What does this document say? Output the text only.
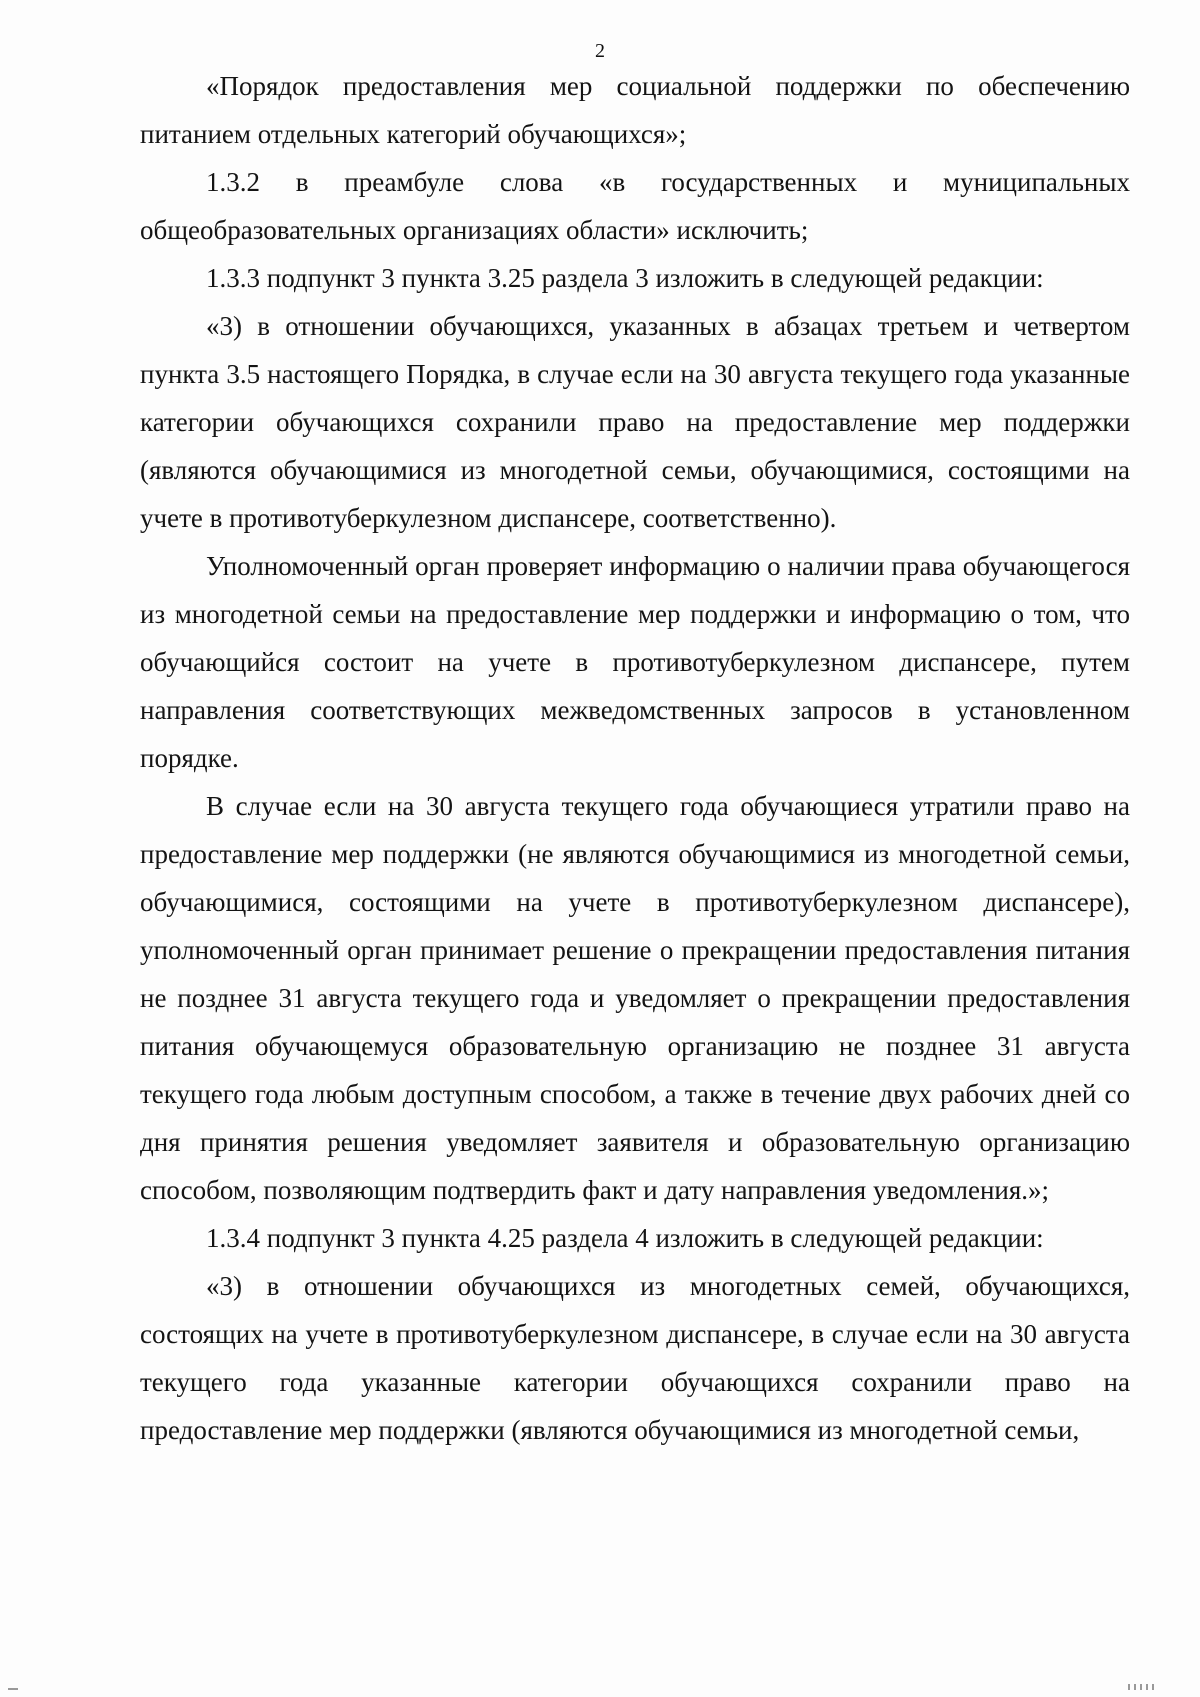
2

«Порядок предоставления мер социальной поддержки по обеспечению питанием отдельных категорий обучающихся»;

1.3.2 в преамбуле слова «в государственных и муниципальных общеобразовательных организациях области» исключить;

1.3.3 подпункт 3 пункта 3.25 раздела 3 изложить в следующей редакции:

«3) в отношении обучающихся, указанных в абзацах третьем и четвертом пункта 3.5 настоящего Порядка, в случае если на 30 августа текущего года указанные категории обучающихся сохранили право на предоставление мер поддержки (являются обучающимися из многодетной семьи, обучающимися, состоящими на учете в противотуберкулезном диспансере, соответственно).

Уполномоченный орган проверяет информацию о наличии права обучающегося из многодетной семьи на предоставление мер поддержки и информацию о том, что обучающийся состоит на учете в противотуберкулезном диспансере, путем направления соответствующих межведомственных запросов в установленном порядке.

В случае если на 30 августа текущего года обучающиеся утратили право на предоставление мер поддержки (не являются обучающимися из многодетной семьи, обучающимися, состоящими на учете в противотуберкулезном диспансере), уполномоченный орган принимает решение о прекращении предоставления питания не позднее 31 августа текущего года и уведомляет о прекращении предоставления питания обучающемуся образовательную организацию не позднее 31 августа текущего года любым доступным способом, а также в течение двух рабочих дней со дня принятия решения уведомляет заявителя и образовательную организацию способом, позволяющим подтвердить факт и дату направления уведомления.»;

1.3.4 подпункт 3 пункта 4.25 раздела 4 изложить в следующей редакции:

«3) в отношении обучающихся из многодетных семей, обучающихся, состоящих на учете в противотуберкулезном диспансере, в случае если на 30 августа текущего года указанные категории обучающихся сохранили право на предоставление мер поддержки (являются обучающимися из многодетной семьи,
